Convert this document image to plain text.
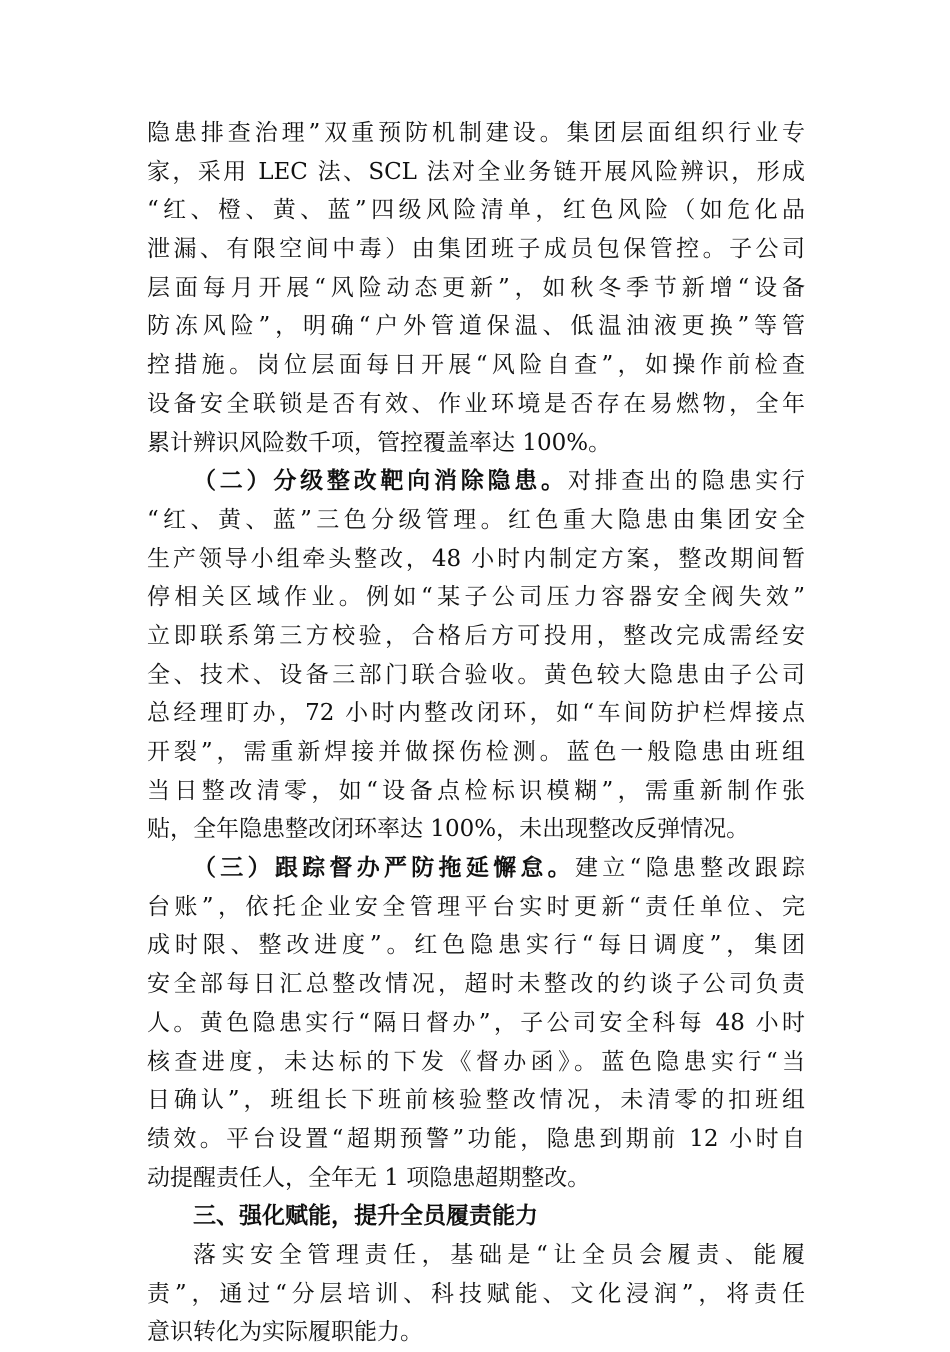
隐患排查治理”双重预防机制建设。集团层面组织行业专
家，采用 LEC 法、SCL 法对全业务链开展风险辨识，形成
“红、橙、黄、蓝”四级风险清单，红色风险（如危化品
泄漏、有限空间中毒）由集团班子成员包保管控。子公司
层面每月开展“风险动态更新”，如秋冬季节新增“设备
防冻风险”，明确“户外管道保温、低温油液更换”等管
控措施。岗位层面每日开展“风险自查”，如操作前检查
设备安全联锁是否有效、作业环境是否存在易燃物，全年
累计辨识风险数千项，管控覆盖率达 100%。
（二）分级整改靶向消除隐患。对排查出的隐患实行
“红、黄、蓝”三色分级管理。红色重大隐患由集团安全
生产领导小组牵头整改，48 小时内制定方案，整改期间暂
停相关区域作业。例如“某子公司压力容器安全阀失效”
立即联系第三方校验，合格后方可投用，整改完成需经安
全、技术、设备三部门联合验收。黄色较大隐患由子公司
总经理盯办，72 小时内整改闭环，如“车间防护栏焊接点
开裂”，需重新焊接并做探伤检测。蓝色一般隐患由班组
当日整改清零，如“设备点检标识模糊”，需重新制作张
贴，全年隐患整改闭环率达 100%，未出现整改反弹情况。
（三）跟踪督办严防拖延懈怠。建立“隐患整改跟踪
台账”，依托企业安全管理平台实时更新“责任单位、完
成时限、整改进度”。红色隐患实行“每日调度”，集团
安全部每日汇总整改情况，超时未整改的约谈子公司负责
人。黄色隐患实行“隔日督办”，子公司安全科每 48 小时
核查进度，未达标的下发《督办函》。蓝色隐患实行“当
日确认”，班组长下班前核验整改情况，未清零的扣班组
绩效。平台设置“超期预警”功能，隐患到期前 12 小时自
动提醒责任人，全年无 1 项隐患超期整改。
三、强化赋能，提升全员履责能力
落实安全管理责任，基础是“让全员会履责、能履
责”，通过“分层培训、科技赋能、文化浸润”，将责任
意识转化为实际履职能力。
